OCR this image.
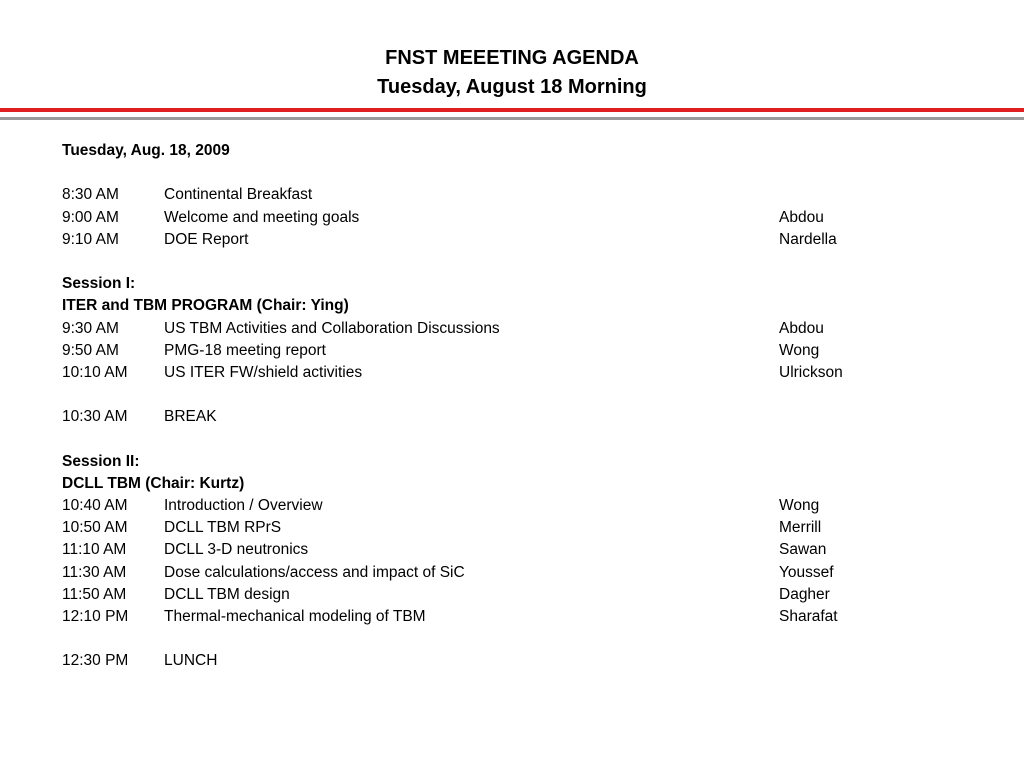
FNST MEEETING AGENDA
Tuesday, August 18 Morning
Tuesday, Aug. 18, 2009
8:30 AM	Continental Breakfast
9:00 AM	Welcome and meeting goals	Abdou
9:10 AM	DOE Report	Nardella
Session I:
ITER and TBM PROGRAM (Chair: Ying)
9:30 AM	US TBM Activities and Collaboration Discussions	Abdou
9:50 AM	PMG-18 meeting report	Wong
10:10 AM US ITER FW/shield activities	Ulrickson
10:30 AM BREAK
Session II:
DCLL TBM (Chair: Kurtz)
10:40 AM Introduction / Overview	Wong
10:50 AM DCLL TBM RPrS	Merrill
11:10 AM DCLL 3-D neutronics	Sawan
11:30 AM Dose calculations/access and impact of SiC	Youssef
11:50 AM DCLL TBM design	Dagher
12:10 PM Thermal-mechanical modeling of TBM	Sharafat
12:30 PM LUNCH
